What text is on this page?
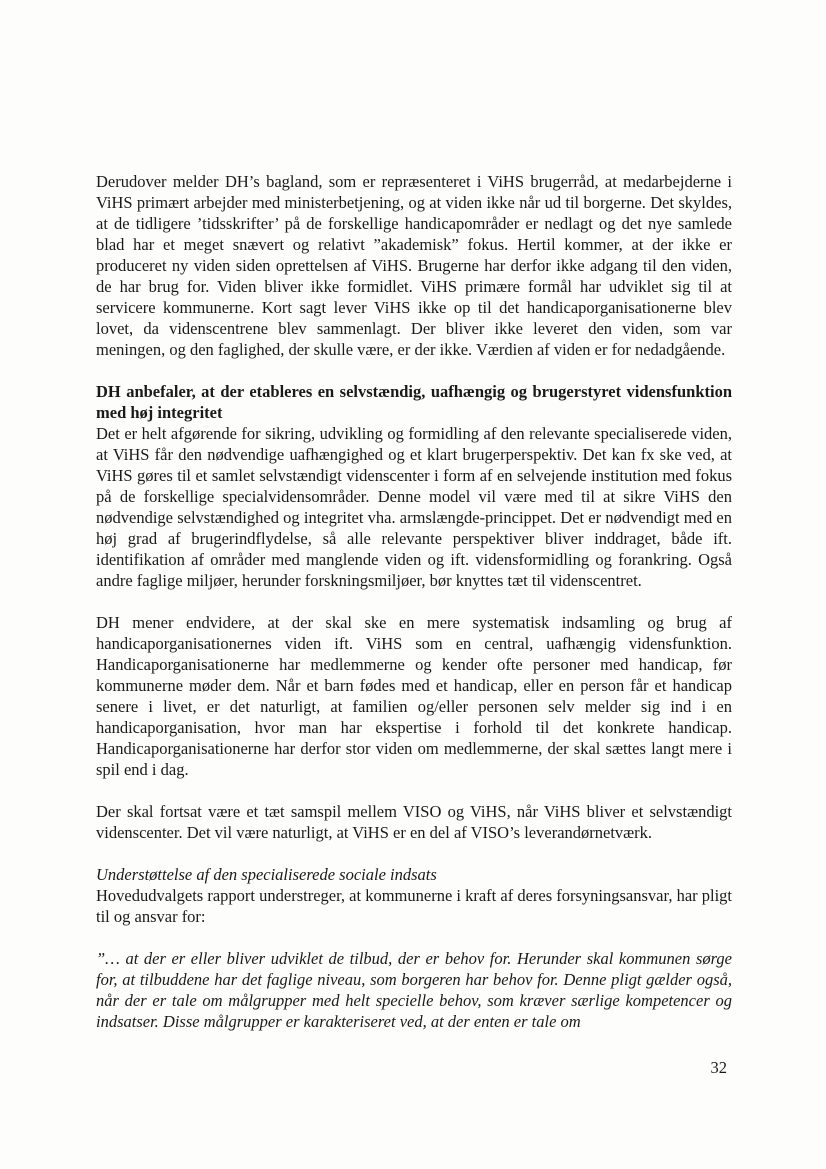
Derudover melder DH’s bagland, som er repræsenteret i ViHS brugerråd, at medarbejderne i ViHS primært arbejder med ministerbetjening, og at viden ikke når ud til borgerne. Det skyldes, at de tidligere ’tidsskrifter’ på de forskellige handicapområder er nedlagt og det nye samlede blad har et meget snævert og relativt ”akademisk” fokus. Hertil kommer, at der ikke er produceret ny viden siden oprettelsen af ViHS. Brugerne har derfor ikke adgang til den viden, de har brug for. Viden bliver ikke formidlet. ViHS primære formål har udviklet sig til at servicere kommunerne. Kort sagt lever ViHS ikke op til det handicaporganisationerne blev lovet, da videnscentrene blev sammenlagt. Der bliver ikke leveret den viden, som var meningen, og den faglighed, der skulle være, er der ikke. Værdien af viden er for nedadgående.

DH anbefaler, at der etableres en selvstændig, uafhængig og brugerstyret vidensfunktion med høj integritet

Det er helt afgørende for sikring, udvikling og formidling af den relevante specialiserede viden, at ViHS får den nødvendige uafhængighed og et klart brugerperspektiv. Det kan fx ske ved, at ViHS gøres til et samlet selvstændigt videnscenter i form af en selvejende institution med fokus på de forskellige specialvidensområder. Denne model vil være med til at sikre ViHS den nødvendige selvstændighed og integritet vha. armslængde-princippet. Det er nødvendigt med en høj grad af brugerindflydelse, så alle relevante perspektiver bliver inddraget, både ift. identifikation af områder med manglende viden og ift. vidensformidling og forankring. Også andre faglige miljøer, herunder forskningsmiljøer, bør knyttes tæt til videnscentret.

DH mener endvidere, at der skal ske en mere systematisk indsamling og brug af handicaporganisationernes viden ift. ViHS som en central, uafhængig vidensfunktion. Handicaporganisationerne har medlemmerne og kender ofte personer med handicap, før kommunerne møder dem. Når et barn fødes med et handicap, eller en person får et handicap senere i livet, er det naturligt, at familien og/eller personen selv melder sig ind i en handicaporganisation, hvor man har ekspertise i forhold til det konkrete handicap. Handicaporganisationerne har derfor stor viden om medlemmerne, der skal sættes langt mere i spil end i dag.

Der skal fortsat være et tæt samspil mellem VISO og ViHS, når ViHS bliver et selvstændigt videnscenter. Det vil være naturligt, at ViHS er en del af VISO’s leverandørnetværk.

Understøttelse af den specialiserede sociale indsats

Hovedudvalgets rapport understreger, at kommunerne i kraft af deres forsyningsansvar, har pligt til og ansvar for:

”… at der er eller bliver udviklet de tilbud, der er behov for. Herunder skal kommunen sørge for, at tilbuddene har det faglige niveau, som borgeren har behov for. Denne pligt gælder også, når der er tale om målgrupper med helt specielle behov, som kræver særlige kompetencer og indsatser. Disse målgrupper er karakteriseret ved, at der enten er tale om

32
